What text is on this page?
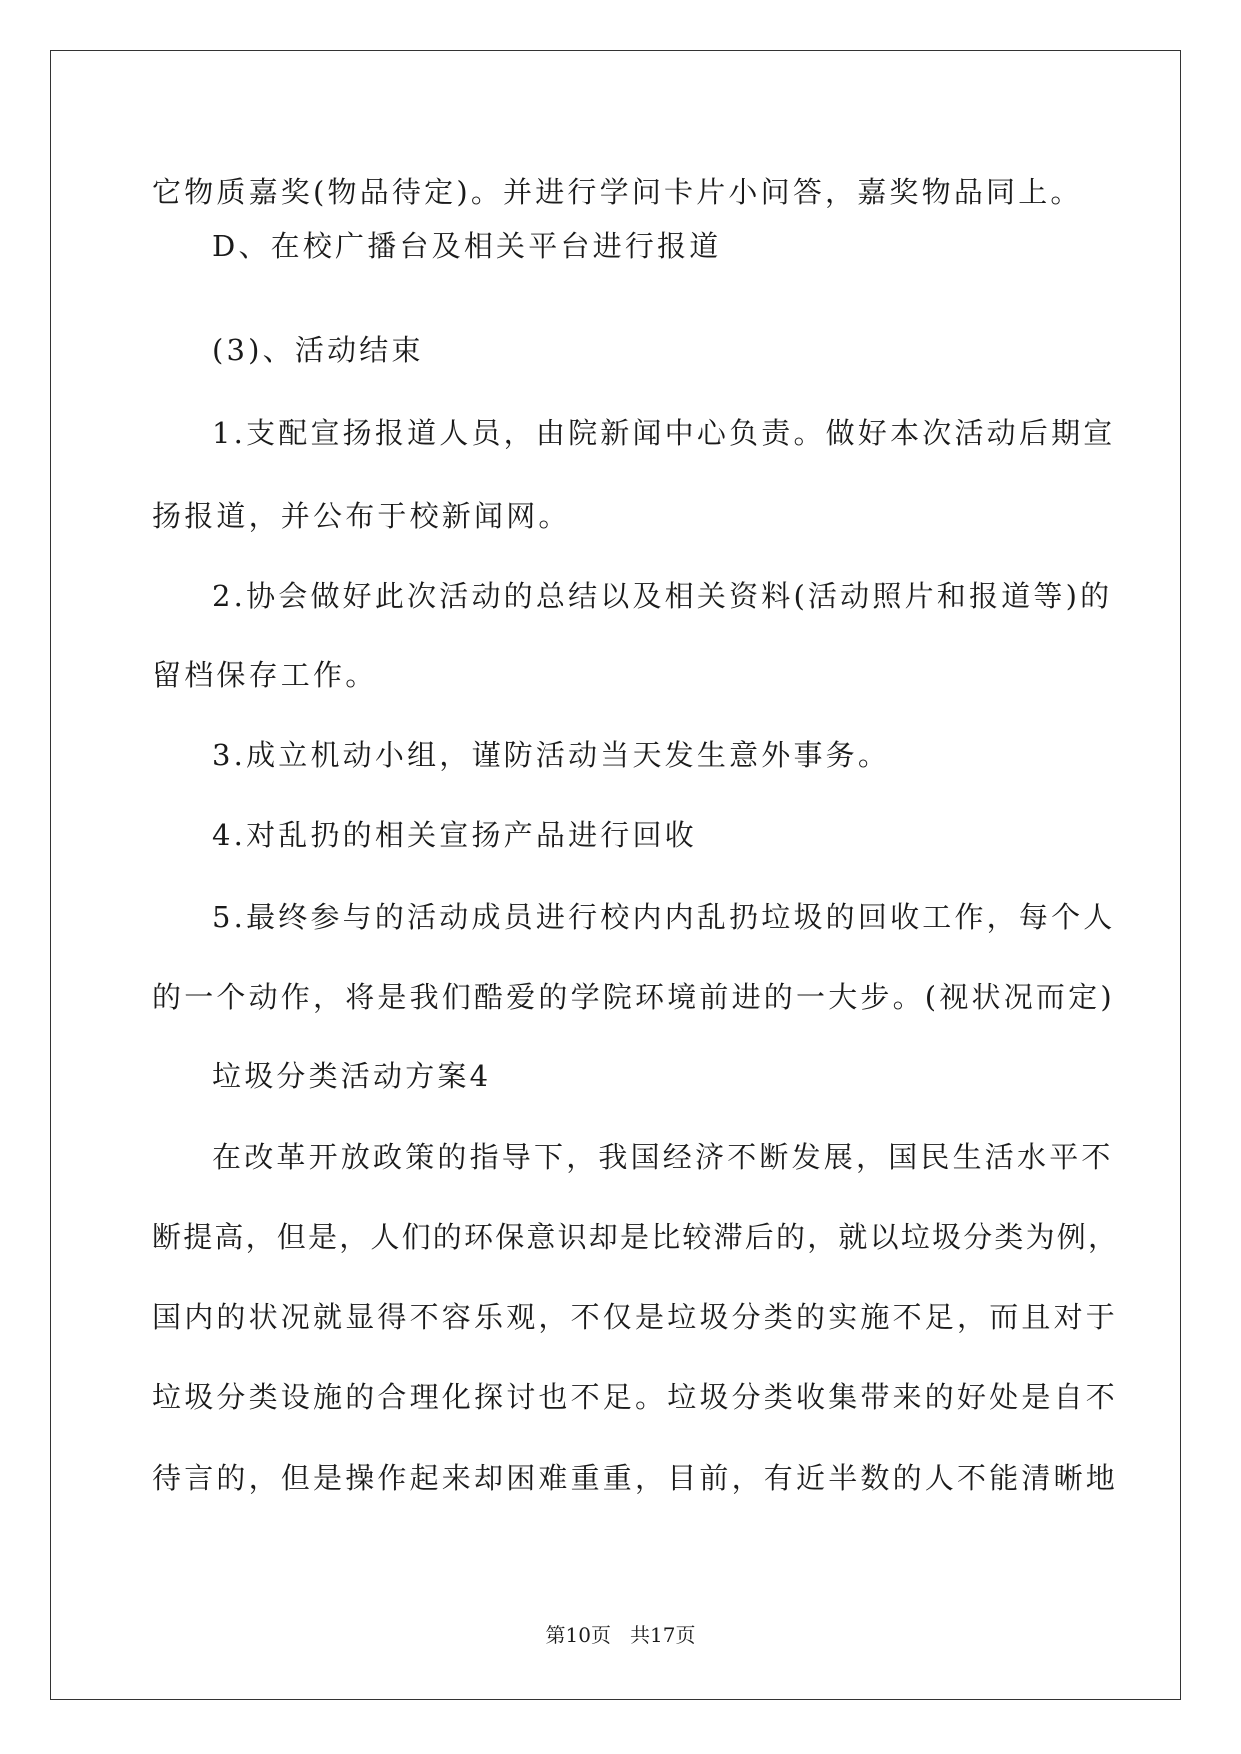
它物质嘉奖(物品待定)。并进行学问卡片小问答，嘉奖物品同上。
D、在校广播台及相关平台进行报道
(3)、活动结束
1.支配宣扬报道人员，由院新闻中心负责。做好本次活动后期宣
扬报道，并公布于校新闻网。
2.协会做好此次活动的总结以及相关资料(活动照片和报道等)的
留档保存工作。
3.成立机动小组，谨防活动当天发生意外事务。
4.对乱扔的相关宣扬产品进行回收
5.最终参与的活动成员进行校内内乱扔垃圾的回收工作，每个人
的一个动作，将是我们酷爱的学院环境前进的一大步。(视状况而定)
垃圾分类活动方案4
在改革开放政策的指导下，我国经济不断发展，国民生活水平不
断提高，但是，人们的环保意识却是比较滞后的，就以垃圾分类为例，
国内的状况就显得不容乐观，不仅是垃圾分类的实施不足，而且对于
垃圾分类设施的合理化探讨也不足。垃圾分类收集带来的好处是自不
待言的，但是操作起来却困难重重，目前，有近半数的人不能清晰地
第10页   共17页
